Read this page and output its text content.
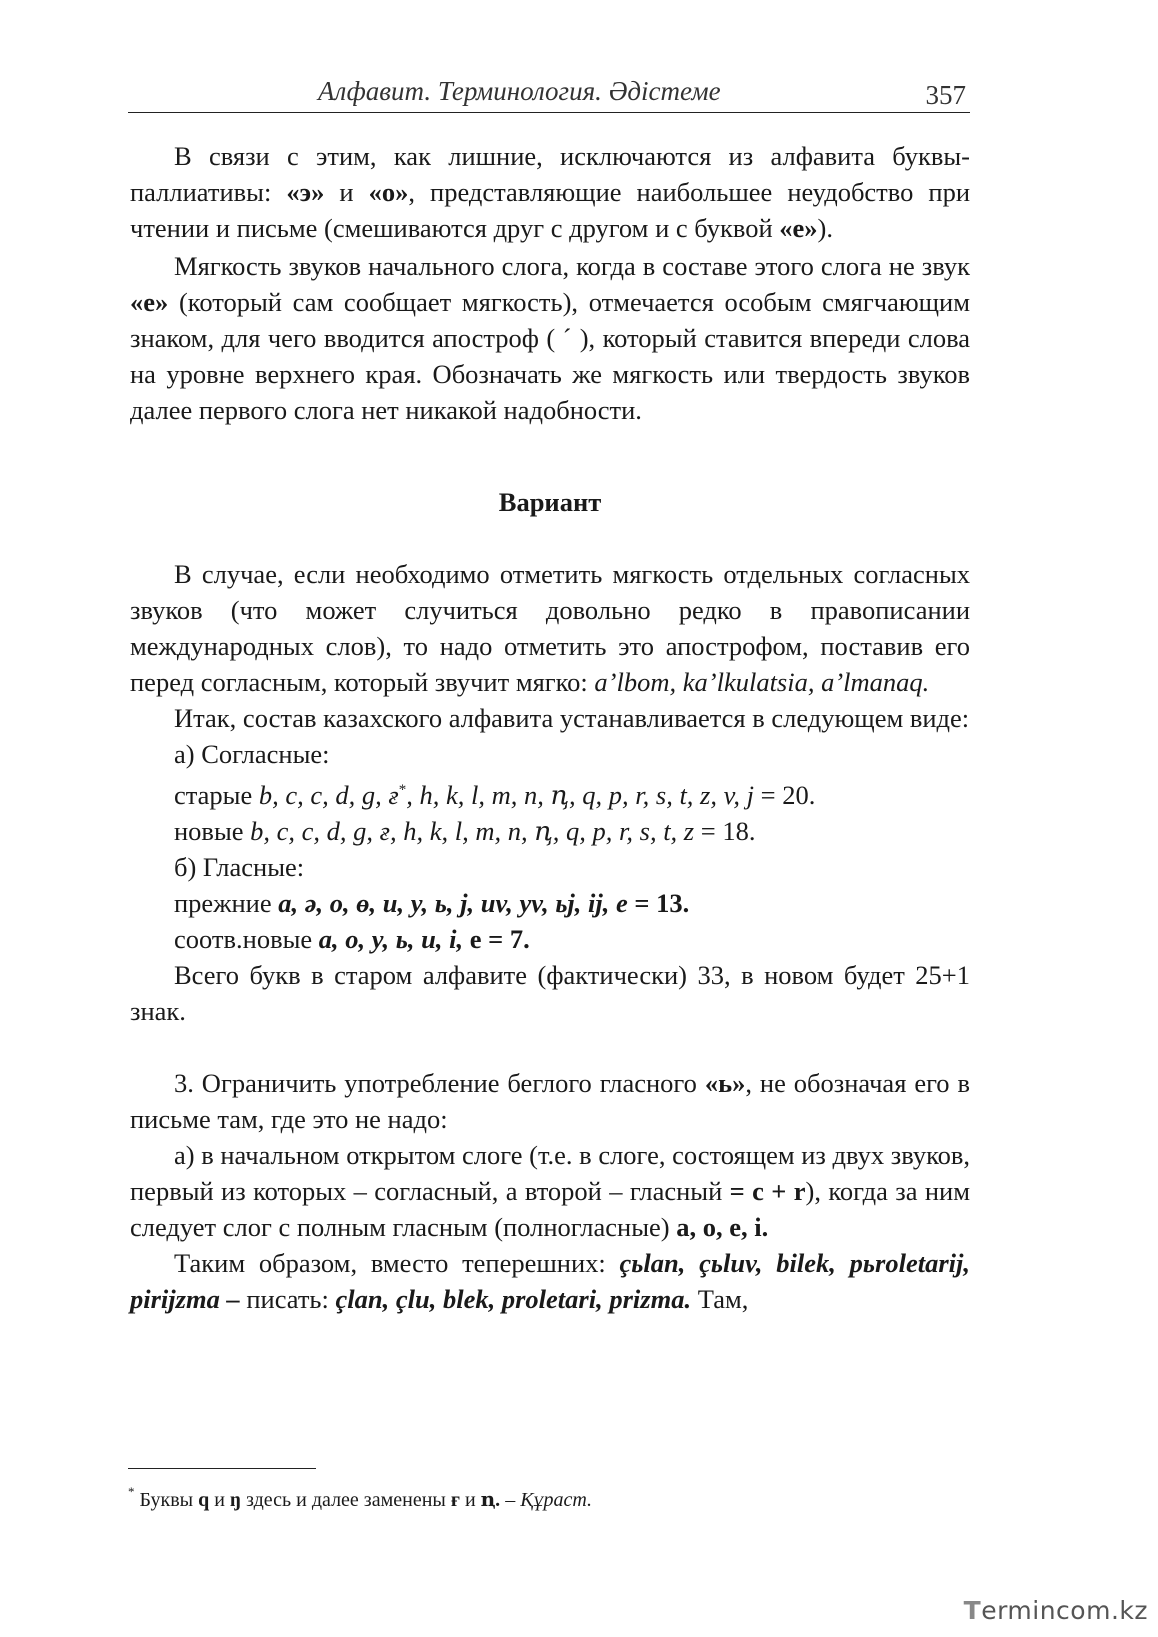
Алфавит. Терминология. Әдістеме	357

В связи с этим, как лишние, исключаются из алфавита буквы-паллиативы: «э» и «о», представляющие наибольшее неудобство при чтении и письме (смешиваются друг с другом и с буквой «е»).

Мягкость звуков начального слога, когда в составе этого слога не звук «е» (который сам сообщает мягкость), отмечается особым смягчающим знаком, для чего вводится апостроф ( ˊ ), который ставится впереди слова на уровне верхнего края. Обозначать же мягкость или твердость звуков далее первого слога нет никакой надобности.

Вариант

В случае, если необходимо отметить мягкость отдельных согласных звуков (что может случиться довольно редко в правописании международных слов), то надо отметить это апострофом, поставив его перед согласным, который звучит мягко: a’lbom, ka’lkulatsia, a’lmanaq.

Итак, состав казахского алфавита устанавливается в следующем виде:

а) Согласные:

старые b, c, c, d, g, ғ*, h, k, l, m, n, ꞑ, q, p, r, s, t, z, v, j = 20.

новые b, c, c, d, g, ғ, h, k, l, m, n, ꞑ, q, p, r, s, t, z = 18.

б) Гласные:

прежние a, ə, o, ɵ, u, y, ь, j, uv, yv, ьj, ij, e = 13.

соотв.новые a, o, y, ь, u, i, e = 7.

Всего букв в старом алфавите (фактически) 33, в новом будет 25+1 знак.

3. Ограничить употребление беглого гласного «ь», не обозначая его в письме там, где это не надо:

а) в начальном открытом слоге (т.е. в слоге, состоящем из двух звуков, первый из которых – согласный, а второй – гласный = c + r), когда за ним следует слог с полным гласным (полногласные) a, o, e, i.

Таким образом, вместо теперешних: çьlan, çьluv, bilek, pьroletarij, pirijzma – писать: çlan, çlu, blek, proletari, prizma. Там,

* Буквы q и ŋ здесь и далее заменены ғ и ꞑ. – Құраст.
Termincom.kz
